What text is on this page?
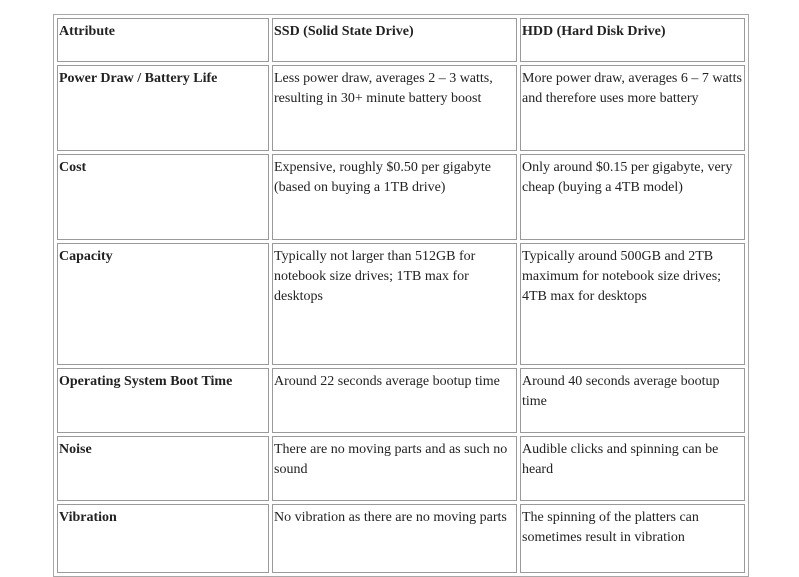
Attribute	SSD (Solid State Drive)	HDD (Hard Disk Drive)
Power Draw / Battery Life	Less power draw, averages 2 – 3 watts, resulting in 30+ minute battery boost	More power draw, averages 6 – 7 watts and therefore uses more battery
Cost	Expensive, roughly $0.50 per gigabyte (based on buying a 1TB drive)	Only around $0.15 per gigabyte, very cheap (buying a 4TB model)
Capacity	Typically not larger than 512GB for notebook size drives; 1TB max for desktops	Typically around 500GB and 2TB maximum for notebook size drives; 4TB max for desktops
Operating System Boot Time	Around 22 seconds average bootup time	Around 40 seconds average bootup time
Noise	There are no moving parts and as such no sound	Audible clicks and spinning can be heard
Vibration	No vibration as there are no moving parts	The spinning of the platters can sometimes result in vibration
